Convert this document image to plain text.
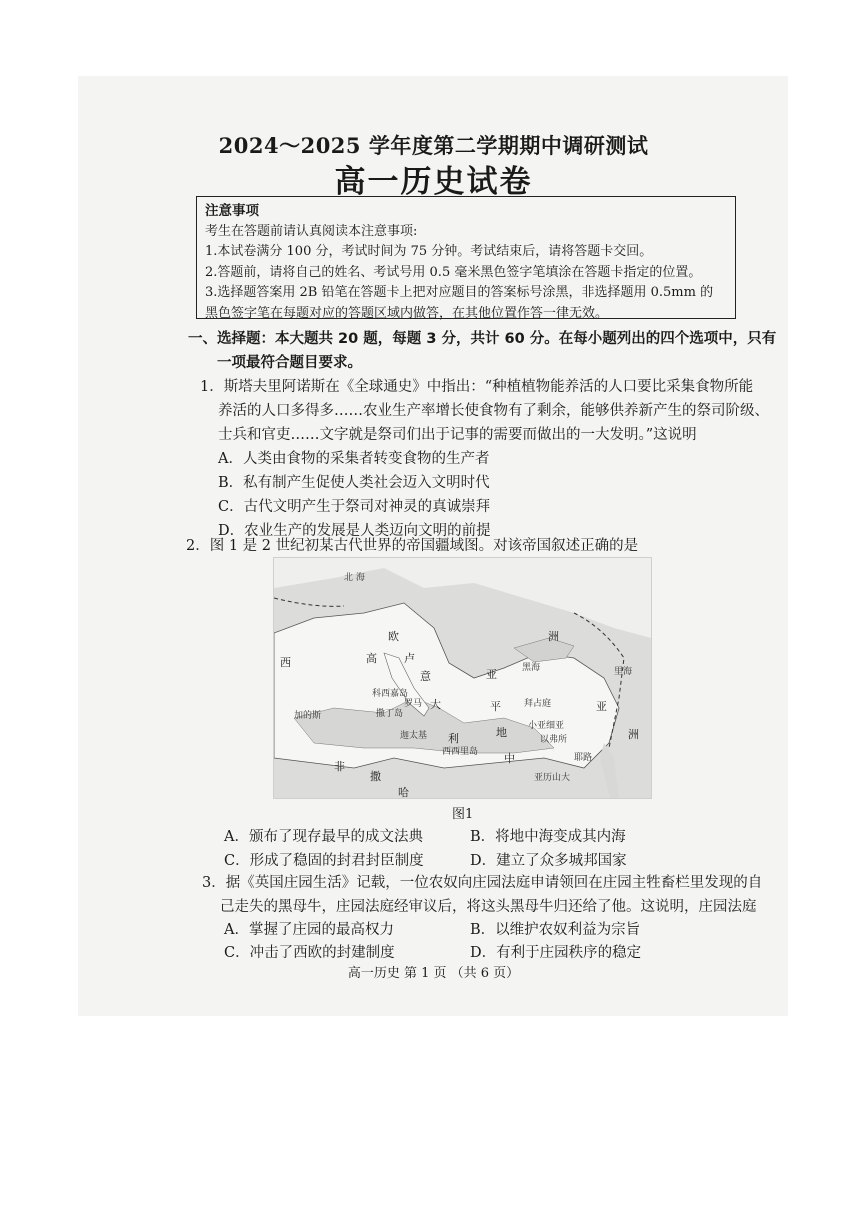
2024～2025 学年度第二学期期中调研测试
高一历史试卷
注意事项
考生在答题前请认真阅读本注意事项:
1.本试卷满分 100 分，考试时间为 75 分钟。考试结束后，请将答题卡交回。
2.答题前，请将自己的姓名、考试号用 0.5 毫米黑色签字笔填涂在答题卡指定的位置。
3.选择题答案用 2B 铅笔在答题卡上把对应题目的答案标号涂黑，非选择题用 0.5mm 的
黑色签字笔在每题对应的答题区域内做答，在其他位置作答一律无效。
一、选择题：本大题共 20 题，每题 3 分，共计 60 分。在每小题列出的四个选项中，只有
一项最符合题目要求。
1．斯塔夫里阿诺斯在《全球通史》中指出：“种植植物能养活的人口要比采集食物所能
养活的人口多得多……农业生产率增长使食物有了剩余，能够供养新产生的祭司阶级、
士兵和官吏……文字就是祭司们出于记事的需要而做出的一大发明。”这说明
A．人类由食物的采集者转变食物的生产者
B．私有制产生促使人类社会迈入文明时代
C．古代文明产生于祭司对神灵的真诚崇拜
D．农业生产的发展是人类迈向文明的前提
2．图 1 是 2 世纪初某古代世界的帝国疆域图。对该帝国叙述正确的是
北 海
欧
高 卢
洲
西
加的斯
科西嘉岛
罗马
撒丁岛
意
大
利
迦太基
西西里岛
亚
平
黑海
拜占庭
小亚细亚
以弗所
耶路
亚历山大
地
中
撒
哈
亚
洲
非
里海
图1
A．颁布了现存最早的成文法典	B．将地中海变成其内海
C．形成了稳固的封君封臣制度	D．建立了众多城邦国家
3．据《英国庄园生活》记载，一位农奴向庄园法庭申请领回在庄园主牲畜栏里发现的自
己走失的黑母牛，庄园法庭经审议后，将这头黑母牛归还给了他。这说明，庄园法庭
A．掌握了庄园的最高权力	B．以维护农奴利益为宗旨
C．冲击了西欧的封建制度	D．有利于庄园秩序的稳定
高一历史 第 1 页 （共 6 页）
